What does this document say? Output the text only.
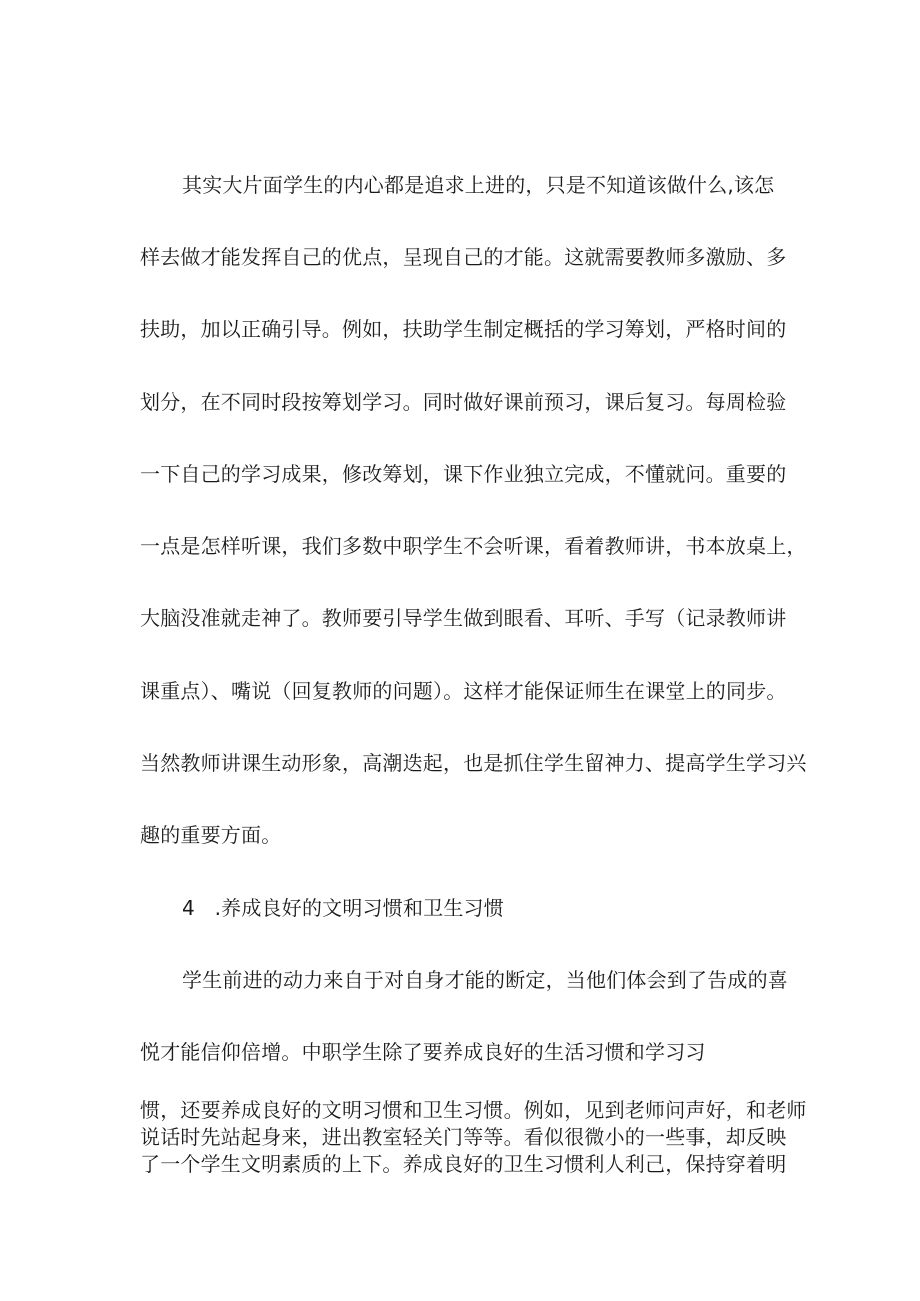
其实大片面学生的内心都是追求上进的，只是不知道该做什么,该怎
样去做才能发挥自己的优点，呈现自己的才能。这就需要教师多激励、多
扶助，加以正确引导。例如，扶助学生制定概括的学习筹划，严格时间的
划分，在不同时段按筹划学习。同时做好课前预习，课后复习。每周检验
一下自己的学习成果，修改筹划，课下作业独立完成，不懂就问。重要的
一点是怎样听课，我们多数中职学生不会听课，看着教师讲，书本放桌上，
大脑没准就走神了。教师要引导学生做到眼看、耳听、手写（记录教师讲
课重点）、嘴说（回复教师的问题）。这样才能保证师生在课堂上的同步。
当然教师讲课生动形象，高潮迭起，也是抓住学生留神力、提高学生学习兴
趣的重要方面。
4   .养成良好的文明习惯和卫生习惯
学生前进的动力来自于对自身才能的断定，当他们体会到了告成的喜
悦才能信仰倍增。中职学生除了要养成良好的生活习惯和学习习
惯，还要养成良好的文明习惯和卫生习惯。例如，见到老师问声好，和老师
说话时先站起身来，进出教室轻关门等等。看似很微小的一些事，却反映
了一个学生文明素质的上下。养成良好的卫生习惯利人利己，保持穿着明
